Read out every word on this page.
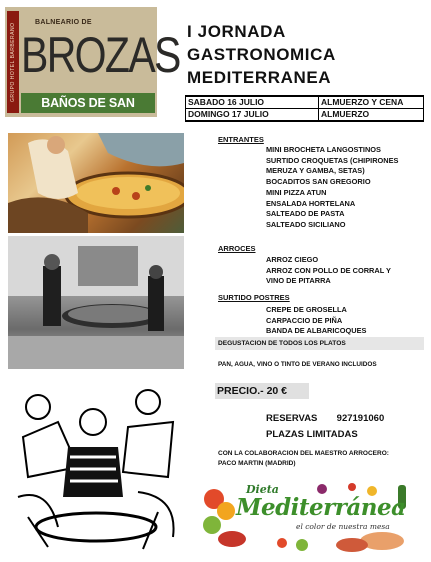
GRUPO HOTEL BARBERANO	BALNEARIO DE
BROZAS
BAÑOS DE SAN GREGORIO
I JORNADA
GASTRONOMICA
MEDITERRANEA
SABADO 16 JULIO	ALMUERZO Y CENA
DOMINGO 17 JULIO	ALMUERZO
ENTRANTES
MINI BROCHETA LANGOSTINOS
SURTIDO CROQUETAS (CHIPIRONES
MERUZA Y GAMBA, SETAS)
BOCADITOS SAN GREGORIO
MINI PIZZA ATUN
ENSALADA HORTELANA
SALTEADO DE PASTA
SALTEADO SICILIANO
ARROCES
ARROZ CIEGO
ARROZ CON POLLO DE CORRAL Y
VINO DE PITARRA
SURTIDO POSTRES
CREPE DE GROSELLA
CARPACCIO DE PIÑA
BANDA DE ALBARICOQUES
DEGUSTACION DE TODOS LOS PLATOS
PAN, AGUA, VINO O TINTO DE VERANO INCLUIDOS
PRECIO.- 20 €
RESERVAS 927191060
PLAZAS LIMITADAS
CON LA COLABORACION DEL MAESTRO ARROCERO:
PACO MARTIN (MADRID)
Dieta
Mediterránea
el color de nuestra mesa
